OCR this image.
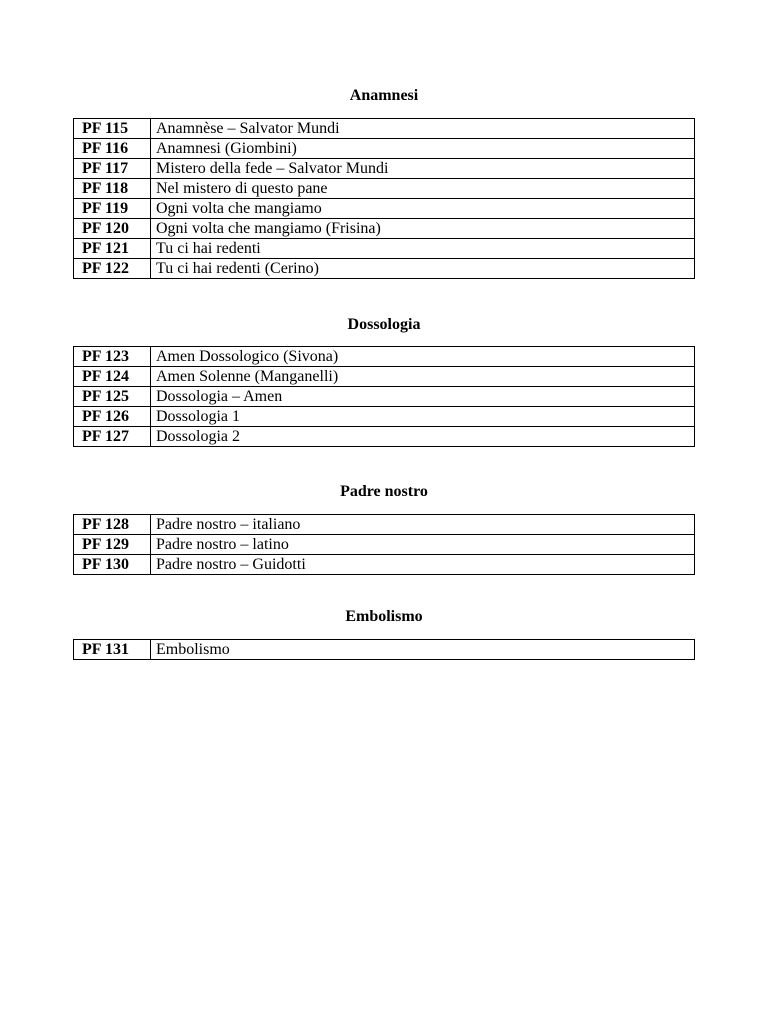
Anamnesi
PF 115	Anamnèse – Salvator Mundi
PF 116	Anamnesi (Giombini)
PF 117	Mistero della fede – Salvator Mundi
PF 118	Nel mistero di questo pane
PF 119	Ogni volta che mangiamo
PF 120	Ogni volta che mangiamo (Frisina)
PF 121	Tu ci hai redenti
PF 122	Tu ci hai redenti (Cerino)
Dossologia
PF 123	Amen Dossologico (Sivona)
PF 124	Amen Solenne (Manganelli)
PF 125	Dossologia – Amen
PF 126	Dossologia 1
PF 127	Dossologia 2
Padre nostro
PF 128	Padre nostro – italiano
PF 129	Padre nostro – latino
PF 130	Padre nostro – Guidotti
Embolismo
PF 131	Embolismo
